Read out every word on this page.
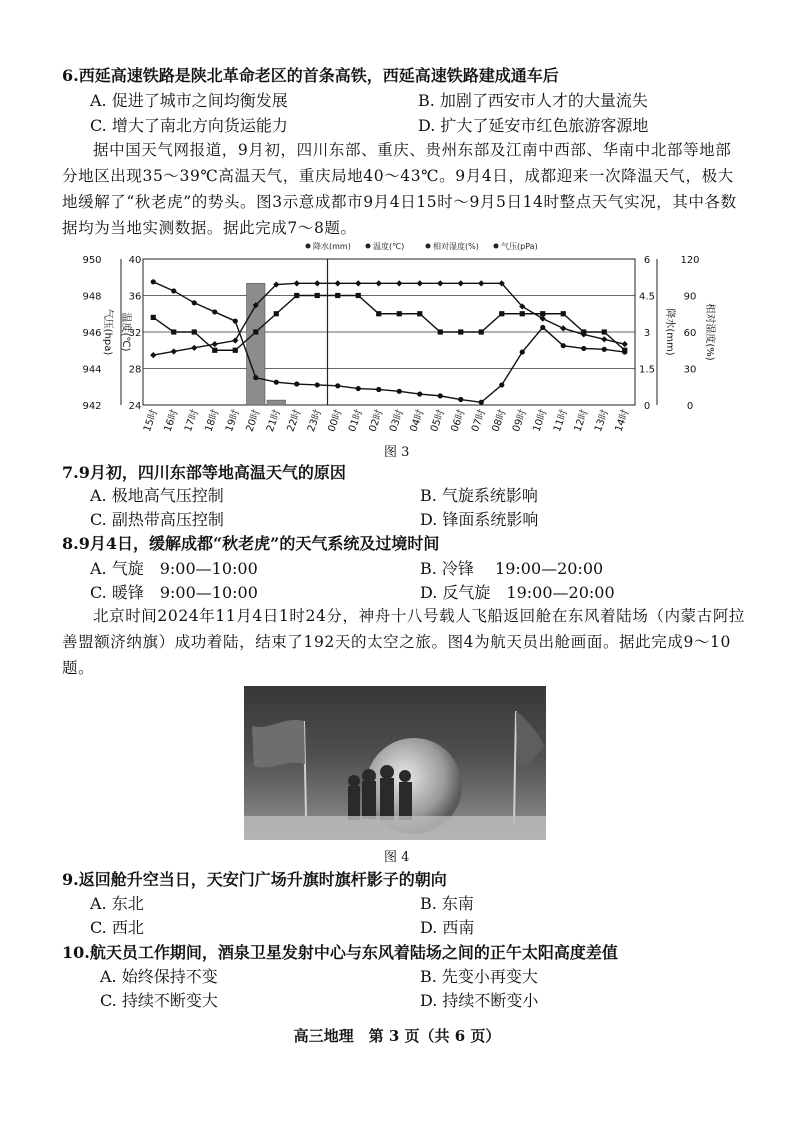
6.西延高速铁路是陕北革命老区的首条高铁，西延高速铁路建成通车后
A. 促进了城市之间均衡发展	B. 加剧了西安市人才的大量流失
C. 增大了南北方向货运能力	D. 扩大了延安市红色旅游客源地
据中国天气网报道，9月初，四川东部、重庆、贵州东部及江南中西部、华南中北部等地部分地区出现35～39℃高温天气，重庆局地40～43℃。9月4日，成都迎来一次降温天气，极大地缓解了“秋老虎”的势头。图3示意成都市9月4日15时～9月5日14时整点天气实况，其中各数据均为当地实测数据。据此完成7～8题。
950
948
946
944
942
40
36
32
28
24
6
4.5
3
1.5
0
120
90
60
30
0
气压(hpa) 温度(℃)	降水(mm)	相对湿度(%)
降水(mm)	温度(℃)	相对湿度(%)	气压(pPa)
15时 16时 17时 18时 19时 20时 21时 22时 23时 00时 01时 02时 03时 04时 05时 06时 07时 08时 09时 10时 11时 12时 13时 14时
图 3
7.9月初，四川东部等地高温天气的原因
A. 极地高气压控制	B. 气旋系统影响
C. 副热带高压控制	D. 锋面系统影响
8.9月4日，缓解成都“秋老虎”的天气系统及过境时间
A. 气旋　9:00—10:00	B. 冷锋　 19:00—20:00
C. 暖锋　9:00—10:00	D. 反气旋　19:00—20:00
北京时间2024年11月4日1时24分，神舟十八号载人飞船返回舱在东风着陆场（内蒙古阿拉善盟额济纳旗）成功着陆，结束了192天的太空之旅。图4为航天员出舱画面。据此完成9～10题。
图 4
9.返回舱升空当日，天安门广场升旗时旗杆影子的朝向
A. 东北	B. 东南
C. 西北	D. 西南
10.航天员工作期间，酒泉卫星发射中心与东风着陆场之间的正午太阳高度差值
A. 始终保持不变	B. 先变小再变大
C. 持续不断变大	D. 持续不断变小
高三地理　第 3 页（共 6 页）
